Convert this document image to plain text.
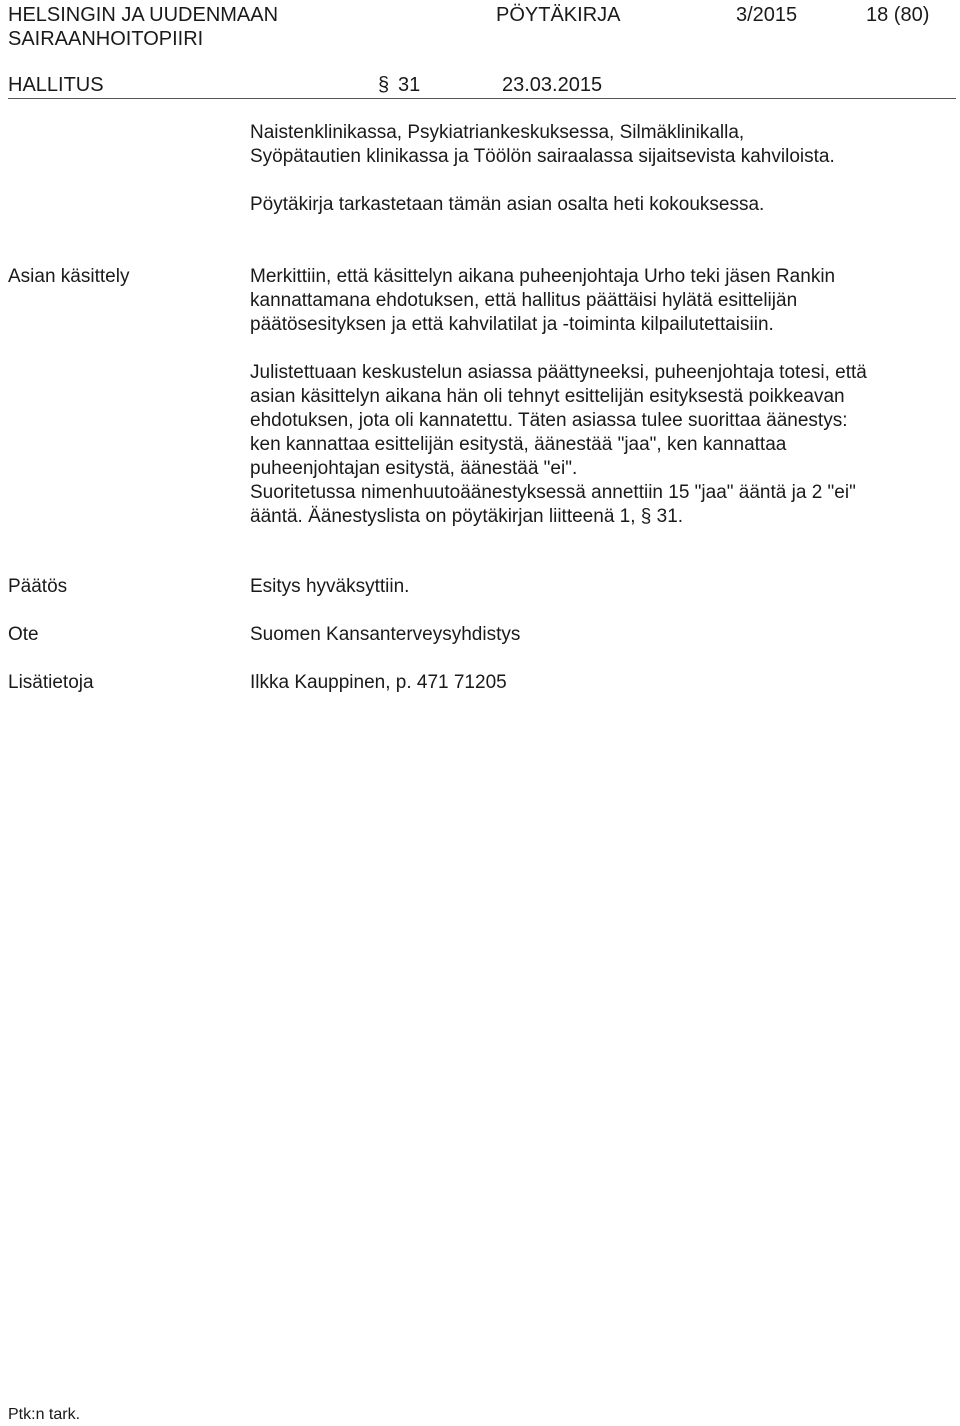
HELSINGIN JA UUDENMAAN
SAIRAANHOITOPIIRI
PÖYTÄKIRJA	3/2015	18 (80)
HALLITUS	§ 31	23.03.2015
Naistenklinikassa, Psykiatriankeskuksessa, Silmäklinikalla,
Syöpätautien klinikassa ja Töölön sairaalassa sijaitsevista kahviloista.
Pöytäkirja tarkastetaan tämän asian osalta heti kokouksessa.
Asian käsittely	Merkittiin, että käsittelyn aikana puheenjohtaja Urho teki jäsen Rankin
kannattamana ehdotuksen, että hallitus päättäisi hylätä esittelijän
päätösesityksen ja että kahvilatilat ja -toiminta kilpailutettaisiin.
Julistettuaan keskustelun asiassa päättyneeksi, puheenjohtaja totesi, että
asian käsittelyn aikana hän oli tehnyt esittelijän esityksestä poikkeavan
ehdotuksen, jota oli kannatettu. Täten asiassa tulee suorittaa äänestys:
ken kannattaa esittelijän esitystä, äänestää "jaa", ken kannattaa
puheenjohtajan esitystä, äänestää "ei".
Suoritetussa nimenhuutoäänestyksessä annettiin 15 "jaa" ääntä ja 2 "ei"
ääntä. Äänestyslista on pöytäkirjan liitteenä 1, § 31.
Päätös	Esitys hyväksyttiin.
Ote	Suomen Kansanterveysyhdistys
Lisätietoja	Ilkka Kauppinen, p. 471 71205
Ptk:n tark.
